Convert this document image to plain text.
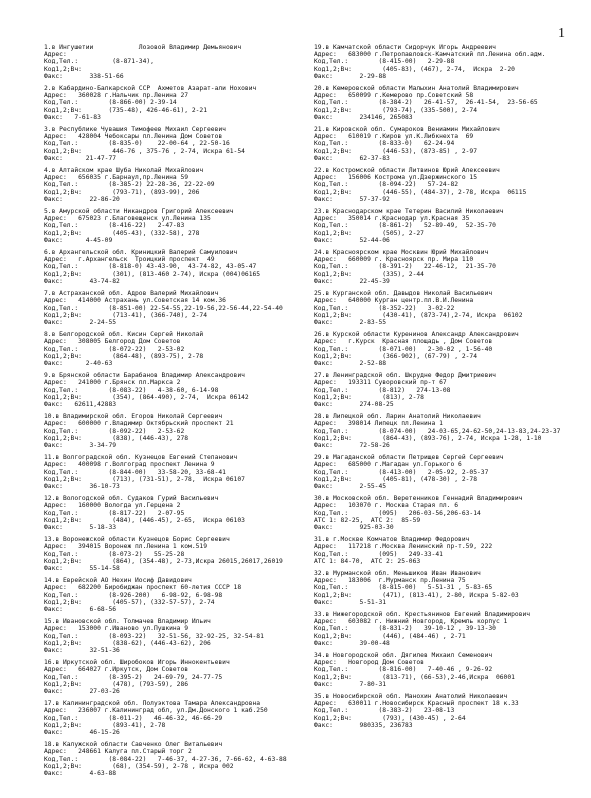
1
1.в Ингушетии            Лозовой Владимир Демьянович
Адрес:
Код,Тел.:         (8-871-34),
Код1,2;Вч:
Факс:       338-51-66
2.в Кабардино-Балкарской ССР  Ахметов Азарат-али Нохович
Адрес:   360028 г.Нальчик пр.Ленина 27
Код,Тел.:        (8-866-00) 2-39-14
Код1,2;Вч:       (735-48), 426-46-61), 2-21
Факс:   7-61-83
3.в Республике Чувашия Тимофеев Михаил Сергеевич
Адрес:   428004 Чебоксары пл.Ленина Дом Советов
Код,Тел.:        (8-835-0)    22-00-64 , 22-50-16
Код1,2;Вч:        446-76 , 375-76 , 2-74, Искра 61-54
Факс:      21-47-77
4.в Алтайском крае Шуба Николай Михайлович
Адрес:   656035 г.Барнаул,пр.Ленина 59
Код,Тел.:        (8-385-2) 22-28-36, 22-22-09
Код1,2;Вч:        (793-71), (893-99), 206
Факс:       22-86-20
5.в Амурской области Никандров Григорий Алексеевич
Адрес:   675023 г.Благовещенск ул.Ленина 135
Код,Тел.:        (8-416-22)   2-47-83
Код1,2;Вч:        (405-43), (332-58), 278
Факс:      4-45-09
6.в Архангельской обл. Криницкий Валерий Самуилович
Адрес:   г.Архангельск  Троицкий проспект  49
Код,Тел.:        (8-818-0) 43-43-90,  43-74-82, 43-05-47
Код1,2;Вч:        (301), (813-460 2-74), Искра (004)06165
Факс:       43-74-82
7.в Астраханской обл. Адров Валерий Михайлович
Адрес:   414000 Астрахань ул.Советская 14 ком.36
Код,Тел.:        (8-851-00) 22-54-55,22-19-56,22-56-44,22-54-40
Код1,2;Вч:        (713-41), (366-740), 2-74
Факс:       2-24-55
8.в Белгородской обл. Кисин Сергей Николай
Адрес:   308005 Белгород Дом Советов
Код,Тел.:        (8-072-22)   2-53-02
Код1,2;Вч:        (864-48), (893-75), 2-78
Факс:      2-40-63
9.в Брянской области Барабанов Владимир Александрович
Адрес:   241000 г.Брянск пл.Маркса 2
Код,Тел.:        (8-083-22)   4-38-60, 6-14-98
Код1,2;Вч:        (354), (864-490), 2-74,  Искра 06142
Факс:   62611,42883
10.в Владимирской обл. Егоров Николай Сергеевич
Адрес:   600000 г.Владимир Октябрьский проспект 21
Код,Тел.:        (8-092-22)   2-53-62
Код1,2;Вч:        (838), (446-43), 278
Факс:       3-34-79
11.в Волгоградской обл. Кузнецов Евгений Степанович
Адрес:   400098 г.Волгоград проспект Ленина 9
Код,Тел.:        (8-844-00)   33-58-20, 33-68-41
Код1,2;Вч:        (713), (731-51), 2-78,  Искра 06107
Факс:       36-10-73
12.в Вологодской обл. Судаков Гурий Васильевич
Адрес:   160000 Вологда ул.Герцена 2
Код,Тел.:        (8-817-22)   2-07-95
Код1,2;Вч:        (484), (446-45), 2-65,  Искра 06103
Факс:       5-18-33
13.в Воронежской области Кузнецов Борис Сергеевич
Адрес:   394015 Воронеж пл.Ленина 1 ком.519
Код,Тел.:        (8-073-2)   55-25-28
Код1,2;Вч:        (864), (354-48), 2-73,Искра 26015,26017,26019
Факс:       55-14-58
14.в Еврейской АО Нехин Иосиф Давидович
Адрес:   682200 Биробиджан проспект 60-летия СССР 18
Код,Тел.:        (8-926-200)   6-98-92, 6-98-98
Код1,2;Вч:        (405-57), (332-57-57), 2-74
Факс:       6-68-56
15.в Ивановской обл. Толмачев Владимир Ильич
Адрес:   153000 г.Иваново ул.Пушкина 9
Код,Тел.:        (8-093-22)   32-51-56, 32-92-25, 32-54-81
Код1,2;Вч:        (838-62), (446-43-62), 206
Факс:       32-51-36
16.в Иркутской обл. Широбоков Игорь Иннокентьевич
Адрес:   664027 г.Иркутск, Дом Советов
Код,Тел.:        (8-395-2)   24-69-79, 24-77-75
Код1,2;Вч:        (478), (793-59), 286
Факс:       27-03-26
17.в Калининградской обл. Полуэктова Тамара Александровна
Адрес:   236007 г.Калининград обл, ул.Дм.Донского 1 каб.250
Код,Тел.:        (8-011-2)   46-46-32, 46-66-29
Код1,2;Вч:        (893-41), 2-78
Факс:       46-15-26
18.в Калужской области Савченко Олег Витальевич
Адрес:   248661 Калуга пл.Старый торг 2
Код,Тел.:        (8-084-22)   7-46-37, 4-27-36, 7-66-62, 4-63-88
Код1,2;Вч:        (68), (354-59), 2-78 , Искра 002
Факс:       4-63-88
19.в Камчатской области Сидорчук Игорь Андреевич
Адрес:   683000 г.Петропавловск-Камчатский пл.Ленина обл.адм.
Код,Тел.:        (8-415-00)   2-29-88
Код1,2;Вч:        (405-83), (467), 2-74,  Искра  2-20
Факс:       2-29-88
20.в Кемеровской области Малыхин Анатолий Владимирович
Адрес:   650099 г.Кемерово пр.Советский 58
Код,Тел.:        (8-384-2)   26-41-57,  26-41-54,  23-56-65
Код1,2;Вч:        (793-74), (335-500), 2-74
Факс:       234146, 265083
21.в Кировской обл. Сумароков Вениамин Михайлович
Адрес:   610019 г.Киров ул.К.Либкнехта  69
Код,Тел.:        (8-833-0)   62-24-94
Код1,2;Вч:        (446-53), (873-85) , 2-97
Факс:       62-37-83
22.в Костромской области Литвинов Юрий Алексеевич
Адрес:   156006 Кострома ул.Дзержинского 15
Код,Тел.:        (8-094-22)   57-24-82
Код1,2;Вч:        (446-55), (484-37), 2-78, Искра  06115
Факс:       57-37-92
23.в Краснодарском крае Тетерин Василий Николаевич
Адрес:   350014 г.Краснодар ул.Красная 35
Код,Тел.:        (8-861-2)   52-89-49,  52-35-70
Код1,2;Вч:        (505), 2-27
Факс:       52-44-06
24.в Красноярском крае Москвин Юрий Михайлович
Адрес:   660009 г. Красноярск пр. Мира 110
Код,Тел.:        (8-391-2)   22-46-12,  21-35-70
Код1,2;Вч:        (335), 2-44
Факс:       22-45-39
25.в Курганской обл. Давыдов Николай Васильевич
Адрес:   640000 Курган центр.пл.В.И.Ленина
Код,Тел.:        (8-352-22)   3-02-22
Код1,2;Вч:        (430-41), (873-74),2-74, Искра  06102
Факс:       2-83-55
26.в Курской области Куренинов Александр Александрович
Адрес:   г.Курск  Красная площадь , Дом Советов
Код,Тел.:        (8-071-00)   2-30-02 , 1-56-40
Код1,2;Вч:        (366-902), (67-79) , 2-74
Факс:       2-52-88
27.в Ленинградской обл. Шкрудне Федор Дмитриевич
Адрес:   193311 Суворовский пр-т 67
Код,Тел.:        (8-812)   274-13-08
Код1,2;Вч:        (813), 2-78
Факс:       274-08-25
28.в Липецкой обл. Ларин Анатолий Николаевич
Адрес:   398014 Липецк пл.Ленина 1
Код,Тел.:        (8-074-00)   24-03-65,24-62-50,24-13-83,24-23-37
Код1,2;Вч:        (864-43), (893-76), 2-74, Искра 1-28, 1-10
Факс:       72-58-26
29.в Магаданской области Петрищев Сергей Сергеевич
Адрес:   685000 г.Магадан ул.Горького 6
Код,Тел.:        (8-413-00)   2-05-92, 2-05-37
Код1,2;Вч:        (405-81), (478-30) , 2-78
Факс:       2-55-45
30.в Московской обл. Веретенников Геннадий Владимирович
Адрес:   103070 г. Москва Старая пл. 6
Код,Тел.:        (095)   206-03-56,206-63-14
АТС 1: 82-25,  АТС 2:  85-59
Факс:       925-03-30
31.в г.Москве Комчатов Владимир Федорович
Адрес:   117218 г.Москва Ленинский пр-т.59, 222
Код,Тел.:        (095)   249-33-41
АТС 1: 84-70,  АТС 2: 25-063
32.в Мурманской обл. Меньшиков Иван Иванович
Адрес:   183006  г.Мурманск пр.Ленина 75
Код,Тел.:        (8-815-00)   5-51-31 , 5-83-65
Код1,2;Вч:        (471), (813-41), 2-80, Искра 5-82-03
Факс:       5-51-31
33.в Нижегородской обл. Крестьянинов Евгений Владимирович
Адрес:   603082 г. Нижний Новгород, Кремль корпус 1
Код,Тел.:        (8-831-2)   39-10-12 , 39-13-30
Код1,2;Вч:        (446), (484-46) , 2-71
Факс:       39-00-48
34.в Новгородской обл. Дягилев Михаил Семенович
Адрес:   Новгород Дом Советов
Код,Тел.:        (8-816-00)   7-40-46 , 9-26-92
Код1,2;Вч:        (813-71), (66-53),2-46,Искра  06001
Факс:       7-80-31
35.в Новосибирской обл. Манохин Анатолий Николаевич
Адрес:   630011 г.Новосибирск Красный проспект 18 к.33
Код,Тел.:        (8-383-2)   23-08-13
Код1,2;Вч:        (793), (430-45) , 2-64
Факс:       980335, 236783
